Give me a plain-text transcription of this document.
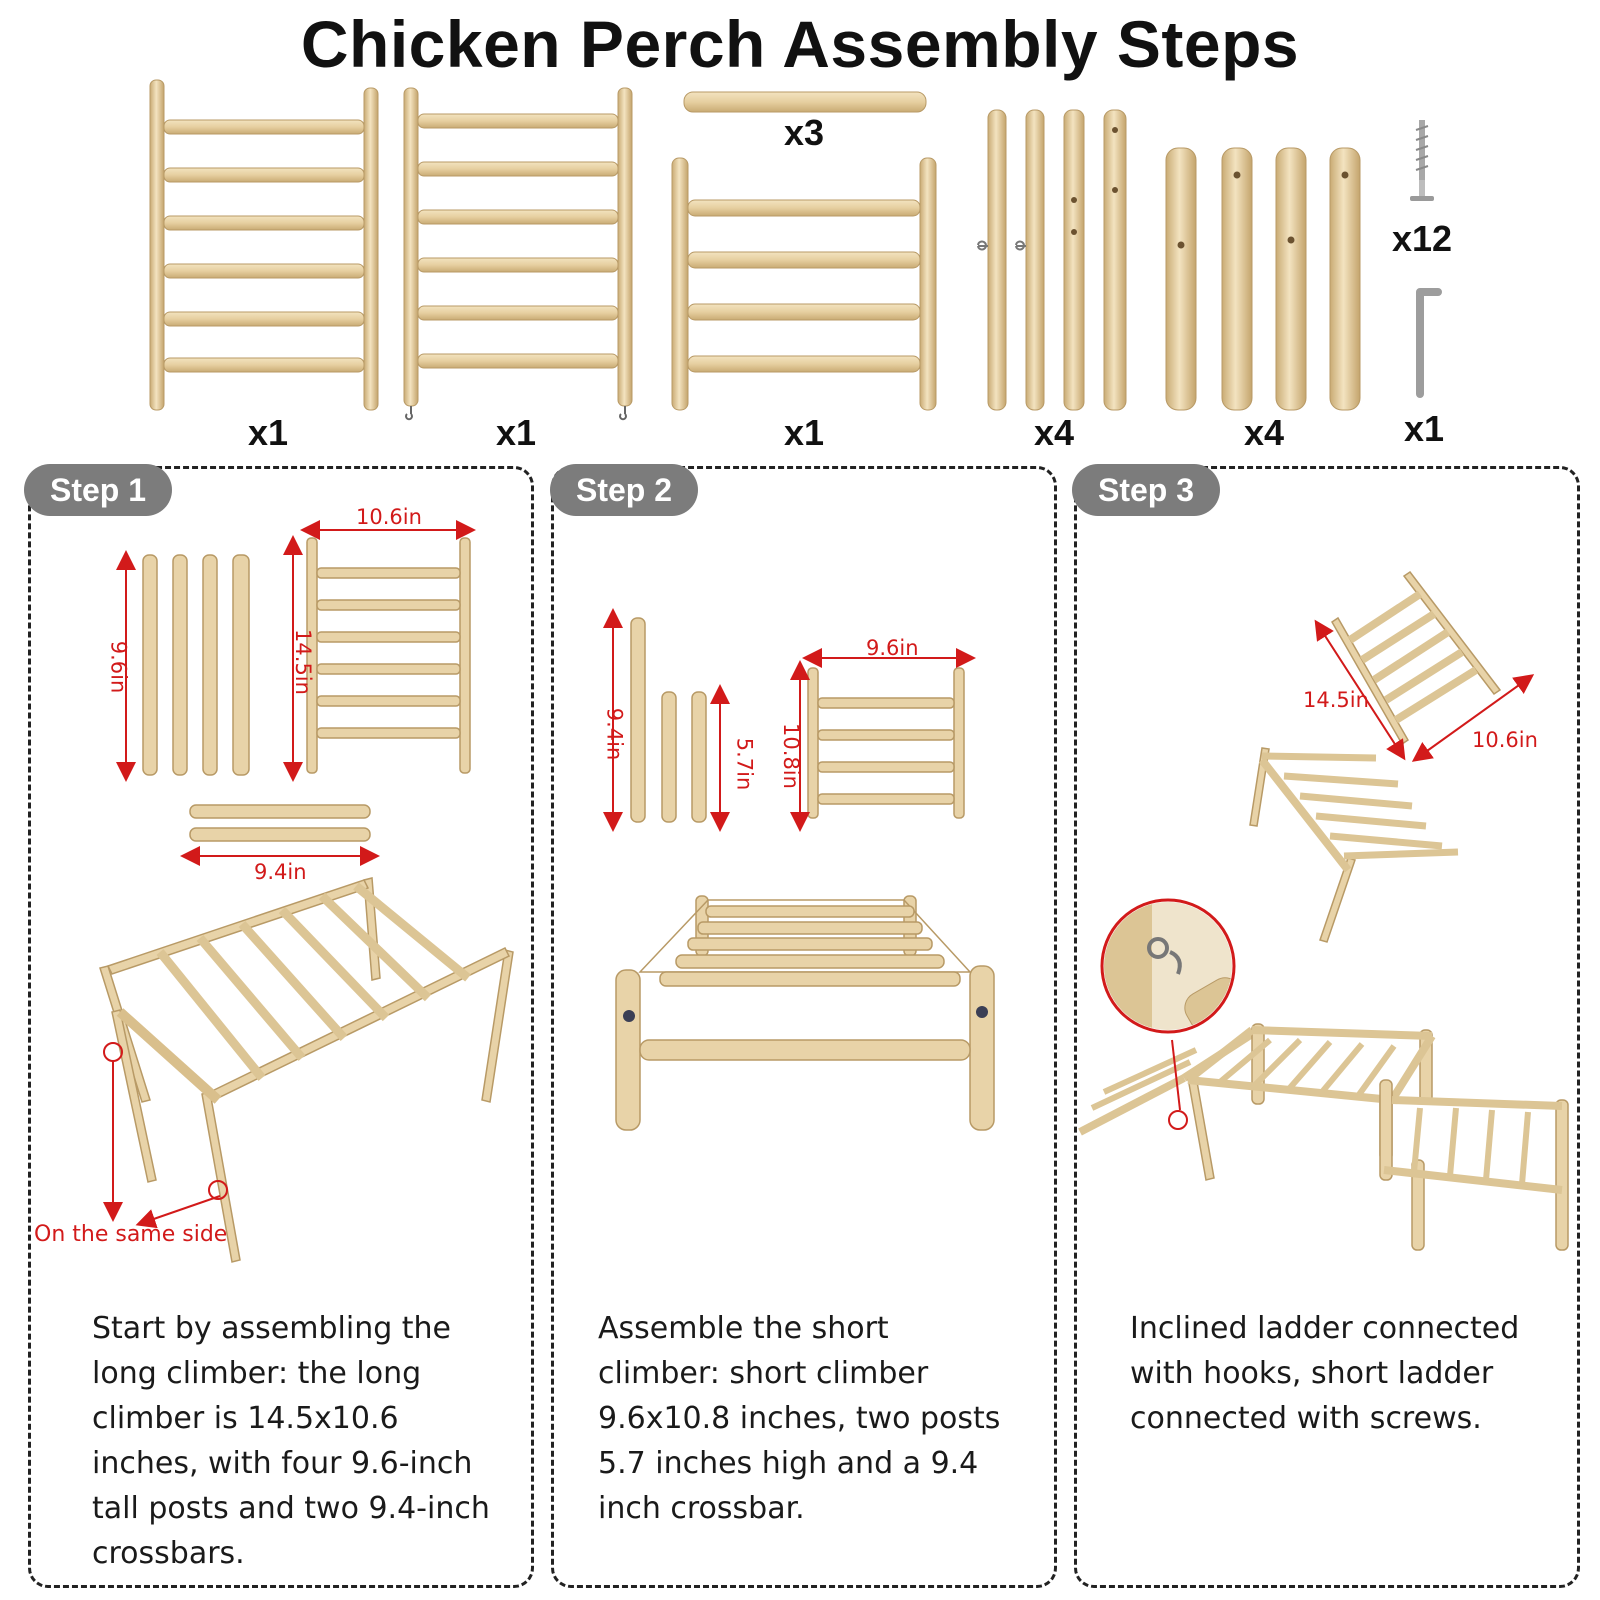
Chicken Perch Assembly Steps
x1	x1
x3
x1	x4	x4
x12
x1
Step 1	Step 2	Step 3
10.6in
14.5in
9.6in
9.4in
On the same side
9.4in
5.7in 10.8in
9.6in
14.5in
10.6in
Start by assembling the long climber: the long climber is 14.5x10.6 inches, with four 9.6-inch tall posts and two 9.4-inch crossbars.
Assemble the short climber: short climber 9.6x10.8 inches, two posts 5.7 inches high and a 9.4 inch crossbar.
Inclined ladder connected with hooks, short ladder connected with screws.
